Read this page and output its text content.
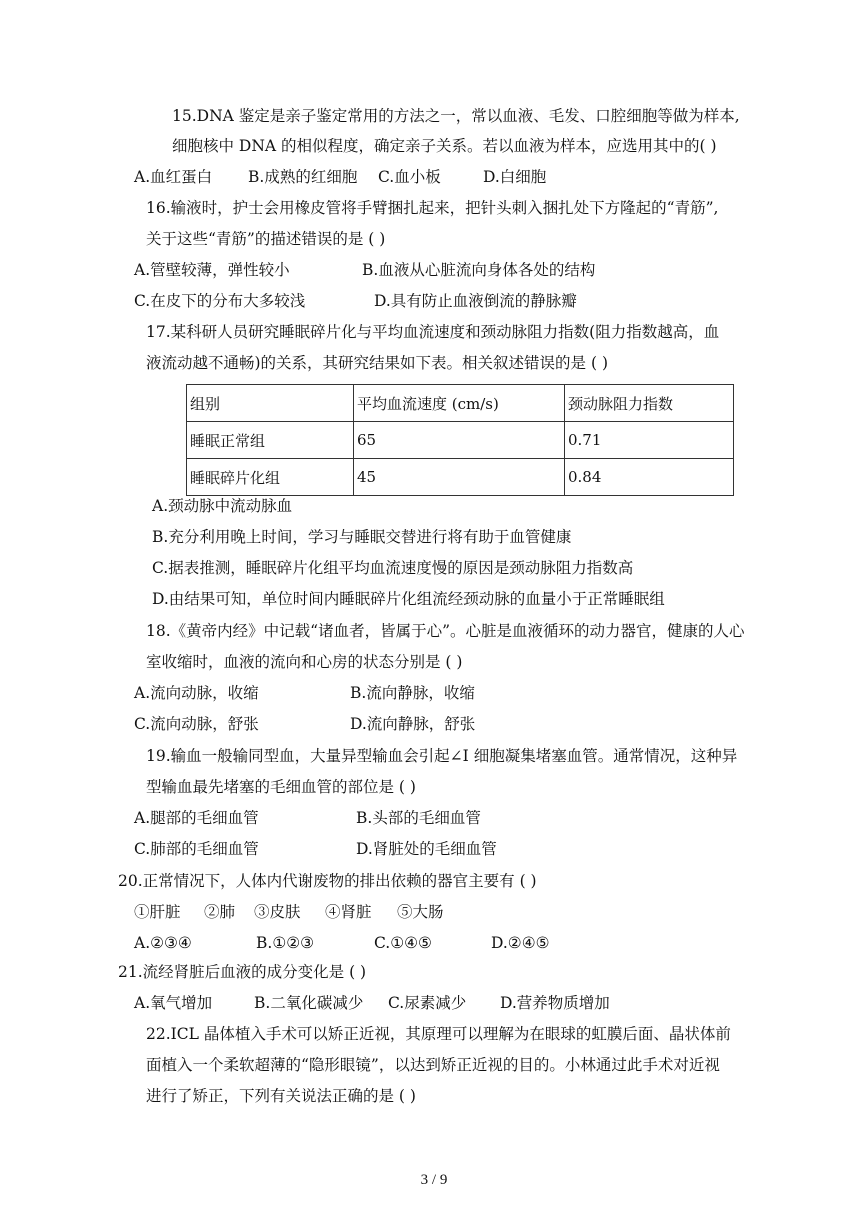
15.DNA 鉴定是亲子鉴定常用的方法之一，常以血液、毛发、口腔细胞等做为样本,
细胞核中 DNA 的相似程度，确定亲子关系。若以血液为样本，应选用其中的( )
A.血红蛋白 B.成熟的红细胞 C.血小板	D.白细胞
16.输液时，护士会用橡皮管将手臂捆扎起来，把针头刺入捆扎处下方隆起的“青筋”,
关于这些“青筋”的描述错误的是 ( )
A.管壁较薄，弹性较小	B.血液从心脏流向身体各处的结构
C.在皮下的分布大多较浅	D.具有防止血液倒流的静脉瓣
17.某科研人员研究睡眠碎片化与平均血流速度和颈动脉阻力指数(阻力指数越高，血
液流动越不通畅)的关系，其研究结果如下表。相关叙述错误的是 ( )
组别	平均血流速度 (cm/s)	颈动脉阻力指数
睡眠正常组	65	0.71
睡眠碎片化组	45	0.84
A.颈动脉中流动脉血
B.充分利用晚上时间，学习与睡眠交替进行将有助于血管健康
C.据表推测，睡眠碎片化组平均血流速度慢的原因是颈动脉阻力指数高
D.由结果可知，单位时间内睡眠碎片化组流经颈动脉的血量小于正常睡眠组
18.《黄帝内经》中记载“诸血者，皆属于心”。心脏是血液循环的动力器官，健康的人心
室收缩时，血液的流向和心房的状态分别是 ( )
A.流向动脉，收缩	B.流向静脉，收缩
C.流向动脉，舒张	D.流向静脉，舒张
19.输血一般输同型血，大量异型输血会引起∠I 细胞凝集堵塞血管。通常情况，这种异
型输血最先堵塞的毛细血管的部位是 ( )
A.腿部的毛细血管	B.头部的毛细血管
C.肺部的毛细血管	D.肾脏处的毛细血管
20.正常情况下，人体内代谢废物的排出依赖的器官主要有 ( )
①肝脏 ②肺 ③皮肤 ④肾脏 ⑤大肠
A.②③④	B.①②③	C.①④⑤	D.②④⑤
21.流经肾脏后血液的成分变化是 ( )
A.氧气增加	B.二氧化碳减少 C.尿素减少 D.营养物质增加
22.ICL 晶体植入手术可以矫正近视，其原理可以理解为在眼球的虹膜后面、晶状体前
面植入一个柔软超薄的“隐形眼镜”，以达到矫正近视的目的。小林通过此手术对近视
进行了矫正，下列有关说法正确的是 ( )
3 / 9
